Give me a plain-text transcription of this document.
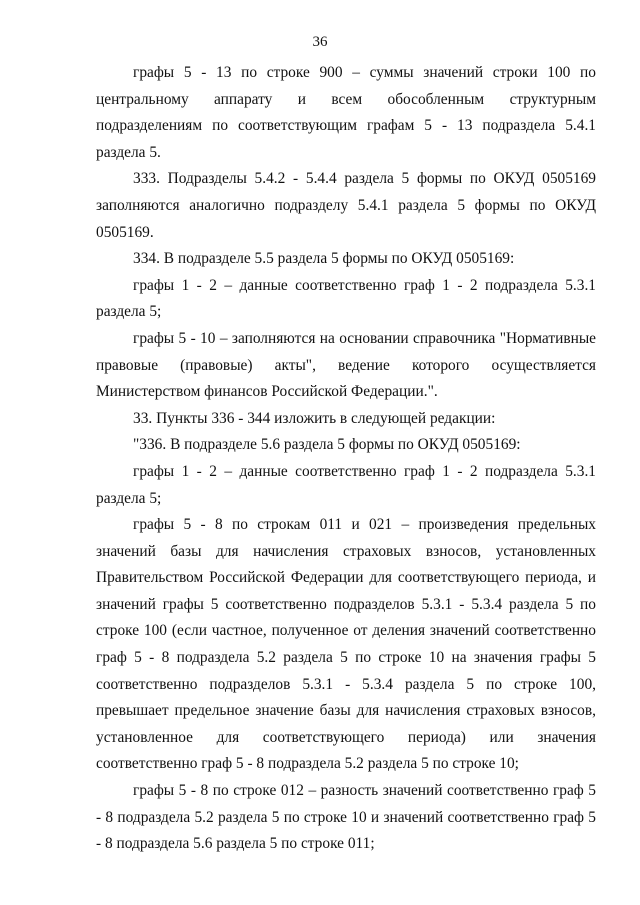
36

графы 5 - 13 по строке 900 – суммы значений строки 100 по центральному аппарату и всем обособленным структурным подразделениям по соответствующим графам 5 - 13 подраздела 5.4.1 раздела 5.

333. Подразделы 5.4.2 - 5.4.4 раздела 5 формы по ОКУД 0505169 заполняются аналогично подразделу 5.4.1 раздела 5 формы по ОКУД 0505169.

334. В подразделе 5.5 раздела 5 формы по ОКУД 0505169:

графы 1 - 2 – данные соответственно граф 1 - 2 подраздела 5.3.1 раздела 5;

графы 5 - 10 – заполняются на основании справочника "Нормативные правовые (правовые) акты", ведение которого осуществляется Министерством финансов Российской Федерации.".

33. Пункты 336 - 344 изложить в следующей редакции:

"336. В подразделе 5.6 раздела 5 формы по ОКУД 0505169:

графы 1 - 2 – данные соответственно граф 1 - 2 подраздела 5.3.1 раздела 5;

графы 5 - 8 по строкам 011 и 021 – произведения предельных значений базы для начисления страховых взносов, установленных Правительством Российской Федерации для соответствующего периода, и значений графы 5 соответственно подразделов 5.3.1 - 5.3.4 раздела 5 по строке 100 (если частное, полученное от деления значений соответственно граф 5 - 8 подраздела 5.2 раздела 5 по строке 10 на значения графы 5 соответственно подразделов 5.3.1 - 5.3.4 раздела 5 по строке 100, превышает предельное значение базы для начисления страховых взносов, установленное для соответствующего периода) или значения соответственно граф 5 - 8 подраздела 5.2 раздела 5 по строке 10;

графы 5 - 8 по строке 012 – разность значений соответственно граф 5 - 8 подраздела 5.2 раздела 5 по строке 10 и значений соответственно граф 5 - 8 подраздела 5.6 раздела 5 по строке 011;
